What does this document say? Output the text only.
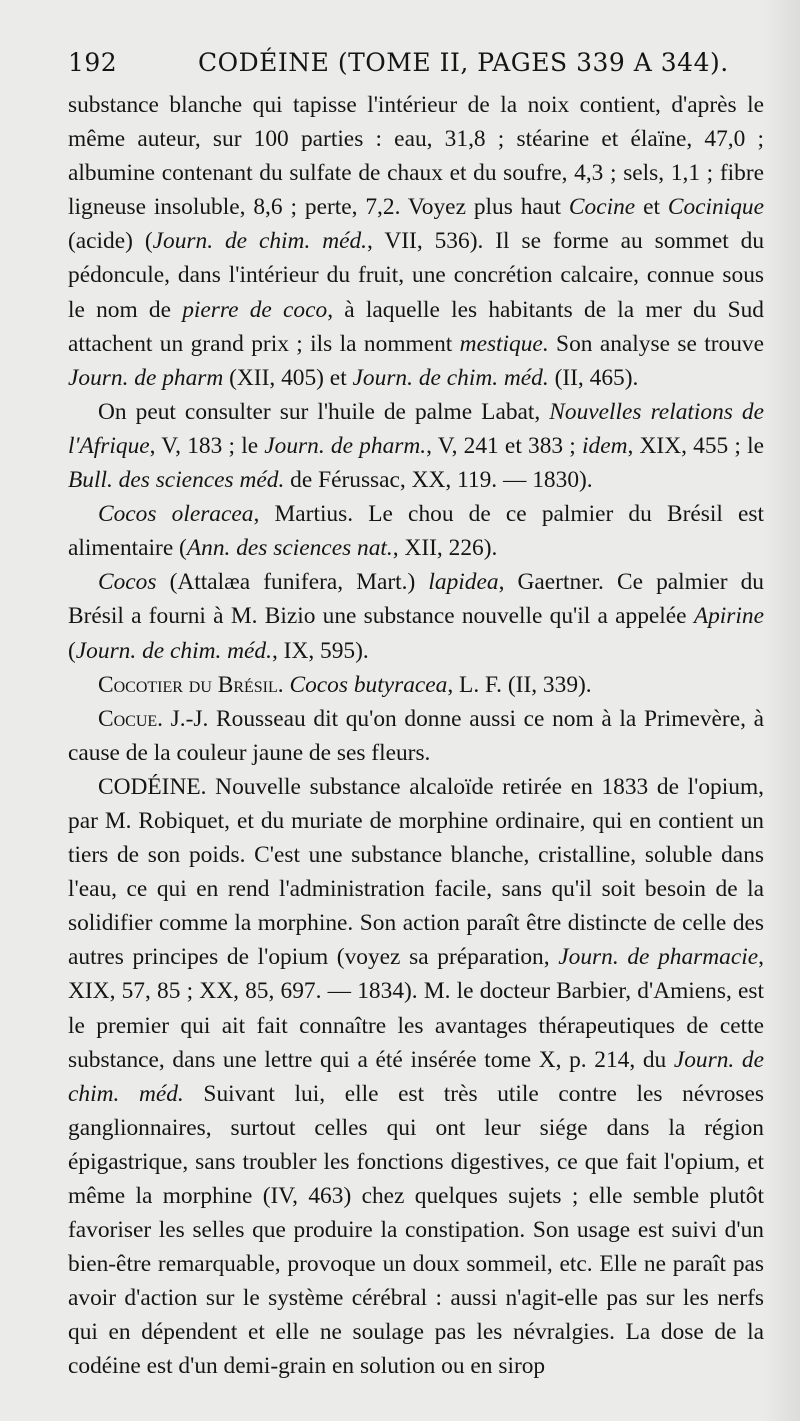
192	CODÉINE (TOME II, PAGES 339 A 344).

substance blanche qui tapisse l'intérieur de la noix contient, d'après le même auteur, sur 100 parties : eau, 31,8 ; stéarine et élaïne, 47,0 ; albumine contenant du sulfate de chaux et du soufre, 4,3 ; sels, 1,1 ; fibre ligneuse insoluble, 8,6 ; perte, 7,2. Voyez plus haut Cocine et Cocinique (acide) (Journ. de chim. méd., VII, 536). Il se forme au sommet du pédoncule, dans l'intérieur du fruit, une concrétion calcaire, connue sous le nom de pierre de coco, à laquelle les habitants de la mer du Sud attachent un grand prix ; ils la nomment mestique. Son analyse se trouve Journ. de pharm (XII, 405) et Journ. de chim. méd. (II, 465).

On peut consulter sur l'huile de palme Labat, Nouvelles relations de l'Afrique, V, 183 ; le Journ. de pharm., V, 241 et 383 ; idem, XIX, 455 ; le Bull. des sciences méd. de Férussac, XX, 119. — 1830).

Cocos oleracea, Martius. Le chou de ce palmier du Brésil est alimentaire (Ann. des sciences nat., XII, 226).

Cocos (Attalæa funifera, Mart.) lapidea, Gaertner. Ce palmier du Brésil a fourni à M. Bizio une substance nouvelle qu'il a appelée Apirine (Journ. de chim. méd., IX, 595).

Cocotier du Brésil. Cocos butyracea, L. F. (II, 339).

Cocue. J.-J. Rousseau dit qu'on donne aussi ce nom à la Primevère, à cause de la couleur jaune de ses fleurs.

CODÉINE. Nouvelle substance alcaloïde retirée en 1833 de l'opium, par M. Robiquet, et du muriate de morphine ordinaire, qui en contient un tiers de son poids. C'est une substance blanche, cristalline, soluble dans l'eau, ce qui en rend l'administration facile, sans qu'il soit besoin de la solidifier comme la morphine. Son action paraît être distincte de celle des autres principes de l'opium (voyez sa préparation, Journ. de pharmacie, XIX, 57, 85 ; XX, 85, 697. — 1834). M. le docteur Barbier, d'Amiens, est le premier qui ait fait connaître les avantages thérapeutiques de cette substance, dans une lettre qui a été insérée tome X, p. 214, du Journ. de chim. méd. Suivant lui, elle est très utile contre les névroses ganglionnaires, surtout celles qui ont leur siége dans la région épigastrique, sans troubler les fonctions digestives, ce que fait l'opium, et même la morphine (IV, 463) chez quelques sujets ; elle semble plutôt favoriser les selles que produire la constipation. Son usage est suivi d'un bien-être remarquable, provoque un doux sommeil, etc. Elle ne paraît pas avoir d'action sur le système cérébral : aussi n'agit-elle pas sur les nerfs qui en dépendent et elle ne soulage pas les névralgies. La dose de la codéine est d'un demi-grain en solution ou en sirop
